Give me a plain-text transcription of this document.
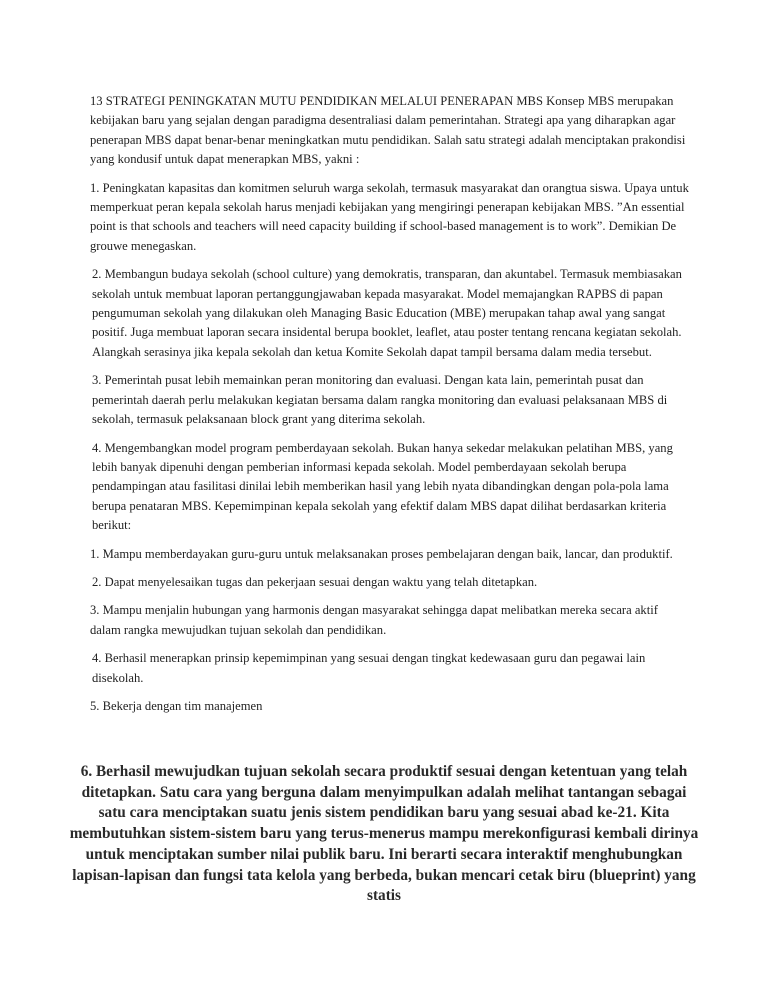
13 STRATEGI PENINGKATAN MUTU PENDIDIKAN MELALUI PENERAPAN MBS Konsep MBS merupakan kebijakan baru yang sejalan dengan paradigma desentraliasi dalam pemerintahan. Strategi apa yang diharapkan agar penerapan MBS dapat benar-benar meningkatkan mutu pendidikan. Salah satu strategi adalah menciptakan prakondisi yang kondusif untuk dapat menerapkan MBS, yakni :

1. Peningkatan kapasitas dan komitmen seluruh warga sekolah, termasuk masyarakat dan orangtua siswa. Upaya untuk memperkuat peran kepala sekolah harus menjadi kebijakan yang mengiringi penerapan kebijakan MBS. ”An essential point is that schools and teachers will need capacity building if school-based management is to work”. Demikian De grouwe menegaskan.

2. Membangun budaya sekolah (school culture) yang demokratis, transparan, dan akuntabel. Termasuk membiasakan sekolah untuk membuat laporan pertanggungjawaban kepada masyarakat. Model memajangkan RAPBS di papan pengumuman sekolah yang dilakukan oleh Managing Basic Education (MBE) merupakan tahap awal yang sangat positif. Juga membuat laporan secara insidental berupa booklet, leaflet, atau poster tentang rencana kegiatan sekolah. Alangkah serasinya jika kepala sekolah dan ketua Komite Sekolah dapat tampil bersama dalam media tersebut.

3. Pemerintah pusat lebih memainkan peran monitoring dan evaluasi. Dengan kata lain, pemerintah pusat dan pemerintah daerah perlu melakukan kegiatan bersama dalam rangka monitoring dan evaluasi pelaksanaan MBS di sekolah, termasuk pelaksanaan block grant yang diterima sekolah.

4. Mengembangkan model program pemberdayaan sekolah. Bukan hanya sekedar melakukan pelatihan MBS, yang lebih banyak dipenuhi dengan pemberian informasi kepada sekolah. Model pemberdayaan sekolah berupa pendampingan atau fasilitasi dinilai lebih memberikan hasil yang lebih nyata dibandingkan dengan pola-pola lama berupa penataran MBS. Kepemimpinan kepala sekolah yang efektif dalam MBS dapat dilihat berdasarkan kriteria berikut:

1. Mampu memberdayakan guru-guru untuk melaksanakan proses pembelajaran dengan baik, lancar, dan produktif.

2. Dapat menyelesaikan tugas dan pekerjaan sesuai dengan waktu yang telah ditetapkan.

3. Mampu menjalin hubungan yang harmonis dengan masyarakat sehingga dapat melibatkan mereka secara aktif dalam rangka mewujudkan tujuan sekolah dan pendidikan.

4. Berhasil menerapkan prinsip kepemimpinan yang sesuai dengan tingkat kedewasaan guru dan pegawai lain disekolah.

5. Bekerja dengan tim manajemen

6. Berhasil mewujudkan tujuan sekolah secara produktif sesuai dengan ketentuan yang telah ditetapkan. Satu cara yang berguna dalam menyimpulkan adalah melihat tantangan sebagai satu cara menciptakan suatu jenis sistem pendidikan baru yang sesuai abad ke-21. Kita membutuhkan sistem-sistem baru yang terus-menerus mampu merekonfigurasi kembali dirinya untuk menciptakan sumber nilai publik baru. Ini berarti secara interaktif menghubungkan lapisan-lapisan dan fungsi tata kelola yang berbeda, bukan mencari cetak biru (blueprint) yang statis
